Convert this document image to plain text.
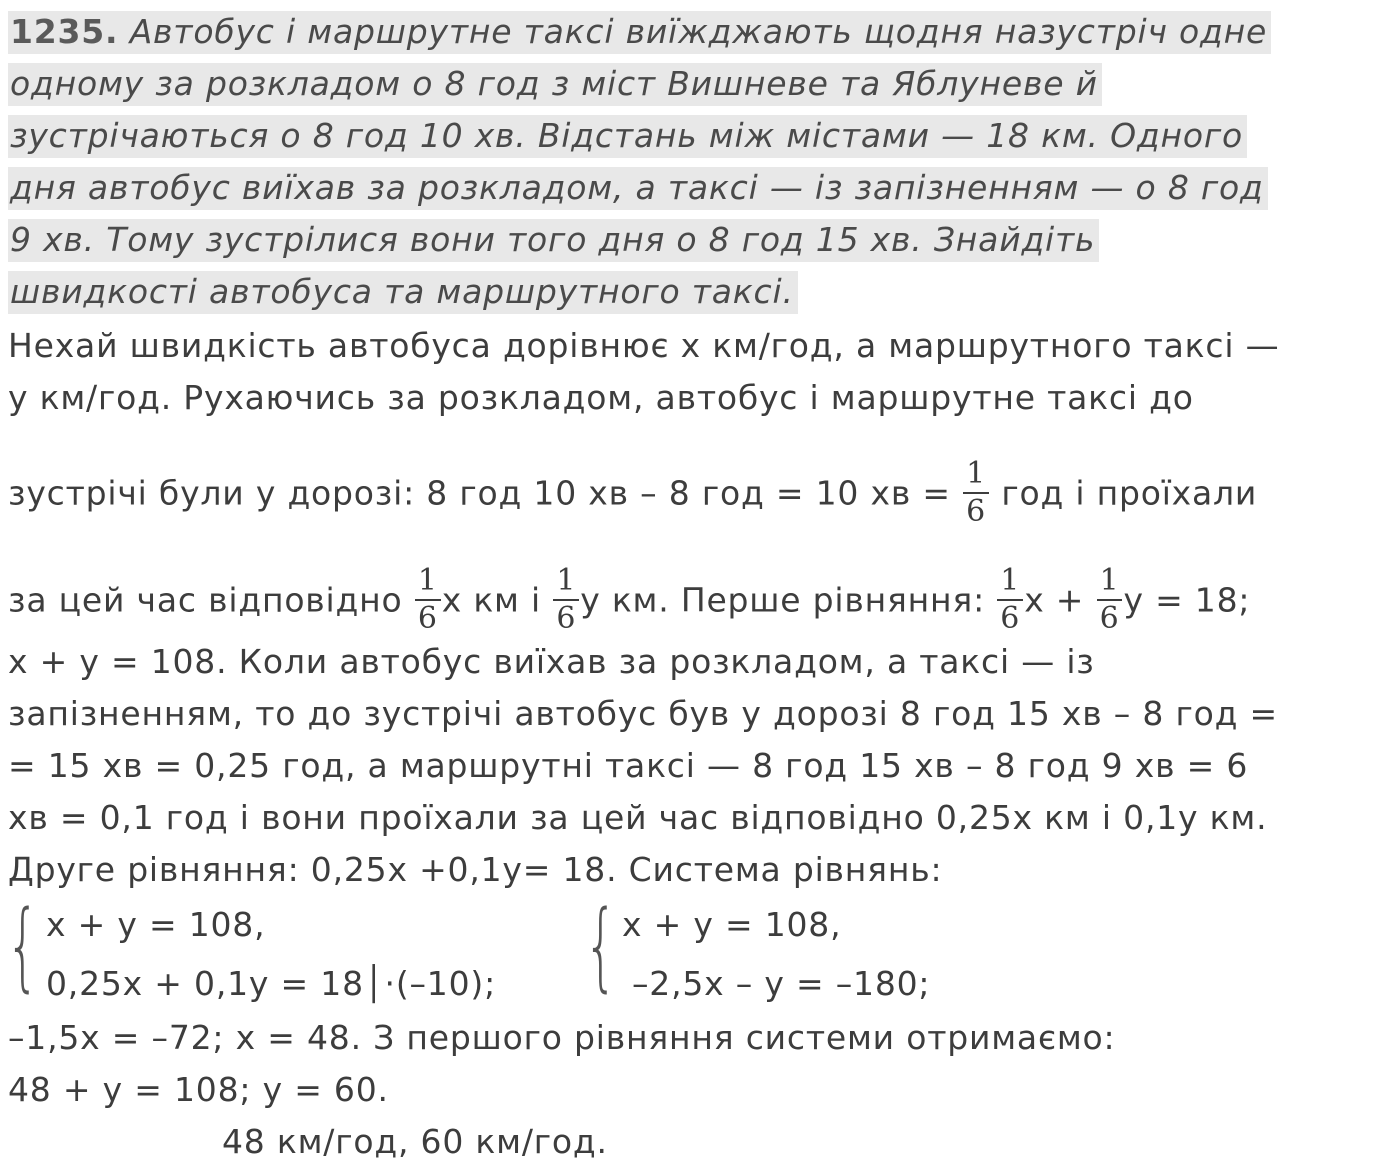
1235. Автобус і маршрутне таксі виїжджають щодня назустріч одне
одному за розкладом о 8 год з міст Вишневе та Яблуневе й
зустрічаються о 8 год 10 хв. Відстань між містами — 18 км. Одного
дня автобус виїхав за розкладом, а таксі — із запізненням — о 8 год
9 хв. Тому зустрілися вони того дня о 8 год 15 хв. Знайдіть
швидкості автобуса та маршрутного таксі.
Нехай швидкість автобуса дорівнює х км/год, а маршрутного таксі —
у км/год. Рухаючись за розкладом, автобус і маршрутне таксі до
зустрічі були у дорозі: 8 год 10 хв – 8 год = 10 хв = $\frac{1}{6}$ год і проїхали
за цей час відповідно $\frac{1}{6}$ х км і $\frac{1}{6}$ у км. Перше рівняння: $\frac{1}{6}$ $х + \frac{1}{6}$ у = 18;
х + у = 108. Коли автобус виїхав за розкладом, а таксі — із
запізненням, то до зустрічі автобус був у дорозі 8 год 15 хв – 8 год =
= 15 хв = 0,25 год, а маршрутні таксі — 8 год 15 хв – 8 год 9 хв = 6
хв = 0,1 год і вони проїхали за цей час відповідно 0,25х км і 0,1у км.
Друге рівняння: 0,25х +0,1у= 18. Система рівнянь:
{ х + у = 108,
0,25х + 0,1у = 18│·(–10); { х + у = 108,
–2,5х – у = –180;
–1,5х = –72; х = 48. З першого рівняння системи отримаємо:
48 + у = 108; у = 60.
48 км/год, 60 км/год.
